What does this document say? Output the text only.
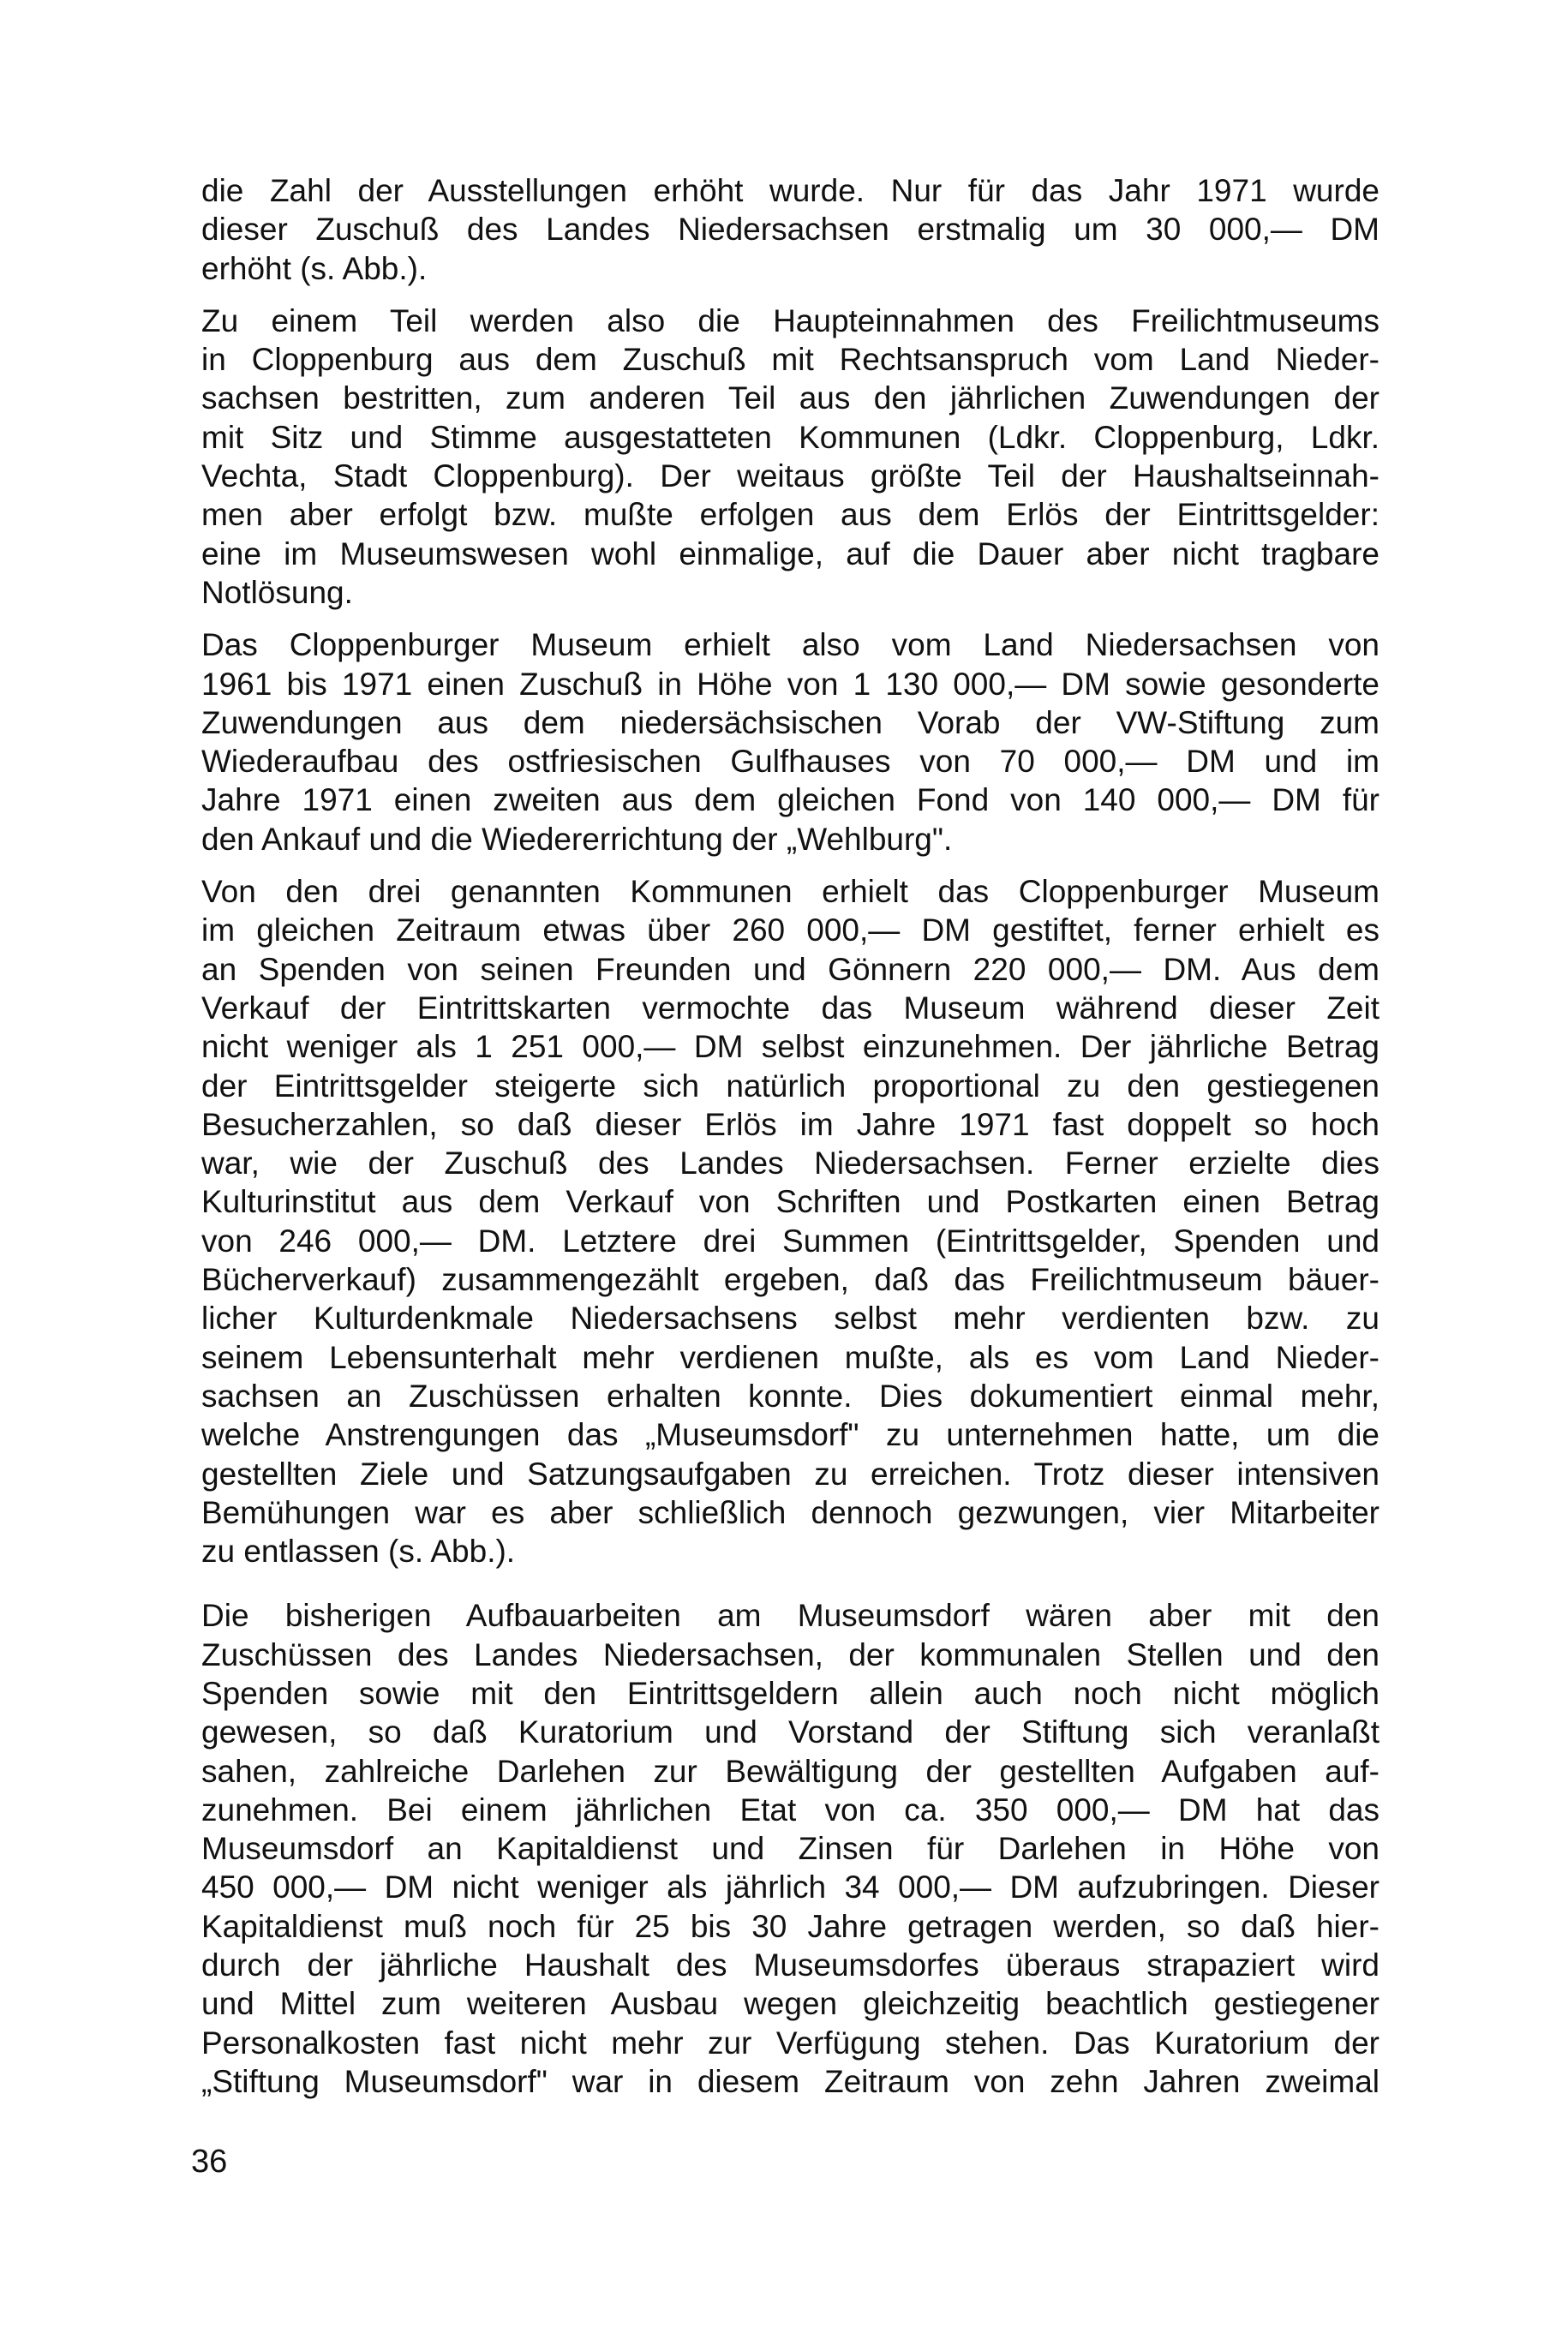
die Zahl der Ausstellungen erhöht wurde. Nur für das Jahr 1971 wurde
dieser Zuschuß des Landes Niedersachsen erstmalig um 30 000,— DM
erhöht (s. Abb.).
Zu einem Teil werden also die Haupteinnahmen des Freilichtmuseums
in Cloppenburg aus dem Zuschuß mit Rechtsanspruch vom Land Nieder-
sachsen bestritten, zum anderen Teil aus den jährlichen Zuwendungen der
mit Sitz und Stimme ausgestatteten Kommunen (Ldkr. Cloppenburg, Ldkr.
Vechta, Stadt Cloppenburg). Der weitaus größte Teil der Haushaltseinnah-
men aber erfolgt bzw. mußte erfolgen aus dem Erlös der Eintrittsgelder:
eine im Museumswesen wohl einmalige, auf die Dauer aber nicht tragbare
Notlösung.
Das Cloppenburger Museum erhielt also vom Land Niedersachsen von
1961 bis 1971 einen Zuschuß in Höhe von 1 130 000,— DM sowie gesonderte
Zuwendungen aus dem niedersächsischen Vorab der VW-Stiftung zum
Wiederaufbau des ostfriesischen Gulfhauses von 70 000,— DM und im
Jahre 1971 einen zweiten aus dem gleichen Fond von 140 000,— DM für
den Ankauf und die Wiedererrichtung der „Wehlburg".
Von den drei genannten Kommunen erhielt das Cloppenburger Museum
im gleichen Zeitraum etwas über 260 000,— DM gestiftet, ferner erhielt es
an Spenden von seinen Freunden und Gönnern 220 000,— DM. Aus dem
Verkauf der Eintrittskarten vermochte das Museum während dieser Zeit
nicht weniger als 1 251 000,— DM selbst einzunehmen. Der jährliche Betrag
der Eintrittsgelder steigerte sich natürlich proportional zu den gestiegenen
Besucherzahlen, so daß dieser Erlös im Jahre 1971 fast doppelt so hoch
war, wie der Zuschuß des Landes Niedersachsen. Ferner erzielte dies
Kulturinstitut aus dem Verkauf von Schriften und Postkarten einen Betrag
von 246 000,— DM. Letztere drei Summen (Eintrittsgelder, Spenden und
Bücherverkauf) zusammengezählt ergeben, daß das Freilichtmuseum bäuer-
licher Kulturdenkmale Niedersachsens selbst mehr verdienten bzw. zu
seinem Lebensunterhalt mehr verdienen mußte, als es vom Land Nieder-
sachsen an Zuschüssen erhalten konnte. Dies dokumentiert einmal mehr,
welche Anstrengungen das „Museumsdorf" zu unternehmen hatte, um die
gestellten Ziele und Satzungsaufgaben zu erreichen. Trotz dieser intensiven
Bemühungen war es aber schließlich dennoch gezwungen, vier Mitarbeiter
zu entlassen (s. Abb.).
Die bisherigen Aufbauarbeiten am Museumsdorf wären aber mit den
Zuschüssen des Landes Niedersachsen, der kommunalen Stellen und den
Spenden sowie mit den Eintrittsgeldern allein auch noch nicht möglich
gewesen, so daß Kuratorium und Vorstand der Stiftung sich veranlaßt
sahen, zahlreiche Darlehen zur Bewältigung der gestellten Aufgaben auf-
zunehmen. Bei einem jährlichen Etat von ca. 350 000,— DM hat das
Museumsdorf an Kapitaldienst und Zinsen für Darlehen in Höhe von
450 000,— DM nicht weniger als jährlich 34 000,— DM aufzubringen. Dieser
Kapitaldienst muß noch für 25 bis 30 Jahre getragen werden, so daß hier-
durch der jährliche Haushalt des Museumsdorfes überaus strapaziert wird
und Mittel zum weiteren Ausbau wegen gleichzeitig beachtlich gestiegener
Personalkosten fast nicht mehr zur Verfügung stehen. Das Kuratorium der
„Stiftung Museumsdorf" war in diesem Zeitraum von zehn Jahren zweimal
36
